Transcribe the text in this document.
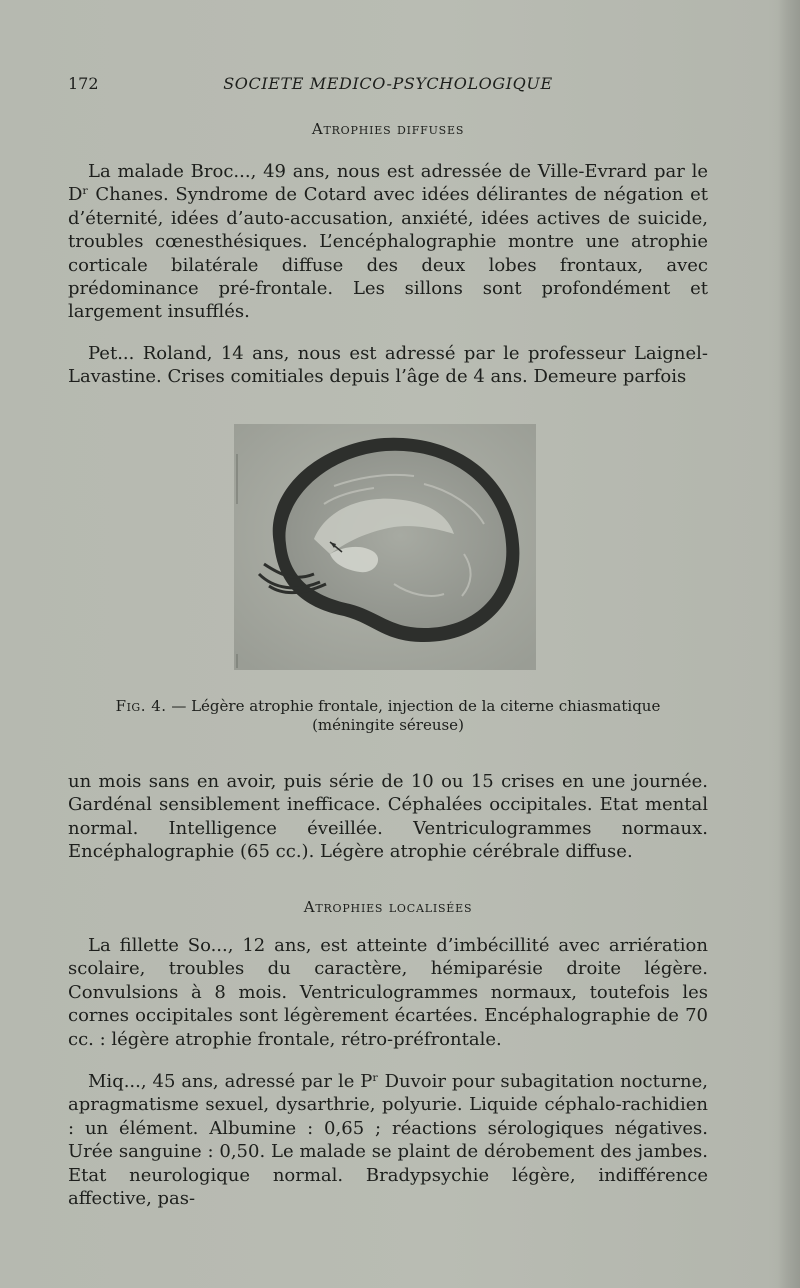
172	SOCIETE MEDICO-PSYCHOLOGIQUE
Atrophies diffuses

La malade Broc..., 49 ans, nous est adressée de Ville-Evrard par le Dʳ Chanes. Syndrome de Cotard avec idées délirantes de négation et d’éternité, idées d’auto-accusation, anxiété, idées actives de suicide, troubles cœnesthésiques. L’encéphalographie montre une atrophie corticale bilatérale diffuse des deux lobes frontaux, avec prédominance pré-frontale. Les sillons sont profondément et largement insufflés.

Pet... Roland, 14 ans, nous est adressé par le professeur Laignel-Lavastine. Crises comitiales depuis l’âge de 4 ans. Demeure parfois

Fig. 4. — Légère atrophie frontale, injection de la citerne chiasmatique
(méningite séreuse)

un mois sans en avoir, puis série de 10 ou 15 crises en une journée. Gardénal sensiblement inefficace. Céphalées occipitales. Etat mental normal. Intelligence éveillée. Ventriculogrammes normaux. Encéphalographie (65 cc.). Légère atrophie cérébrale diffuse.

Atrophies localisées

La fillette So..., 12 ans, est atteinte d’imbécillité avec arriération scolaire, troubles du caractère, hémiparésie droite légère. Convulsions à 8 mois. Ventriculogrammes normaux, toutefois les cornes occipitales sont légèrement écartées. Encéphalographie de 70 cc. : légère atrophie frontale, rétro-préfrontale.

Miq..., 45 ans, adressé par le Pʳ Duvoir pour subagitation nocturne, apragmatisme sexuel, dysarthrie, polyurie. Liquide céphalo-rachidien : un élément. Albumine : 0,65 ; réactions sérologiques négatives. Urée sanguine : 0,50. Le malade se plaint de dérobement des jambes. Etat neurologique normal. Bradypsychie légère, indifférence affective, pas-
